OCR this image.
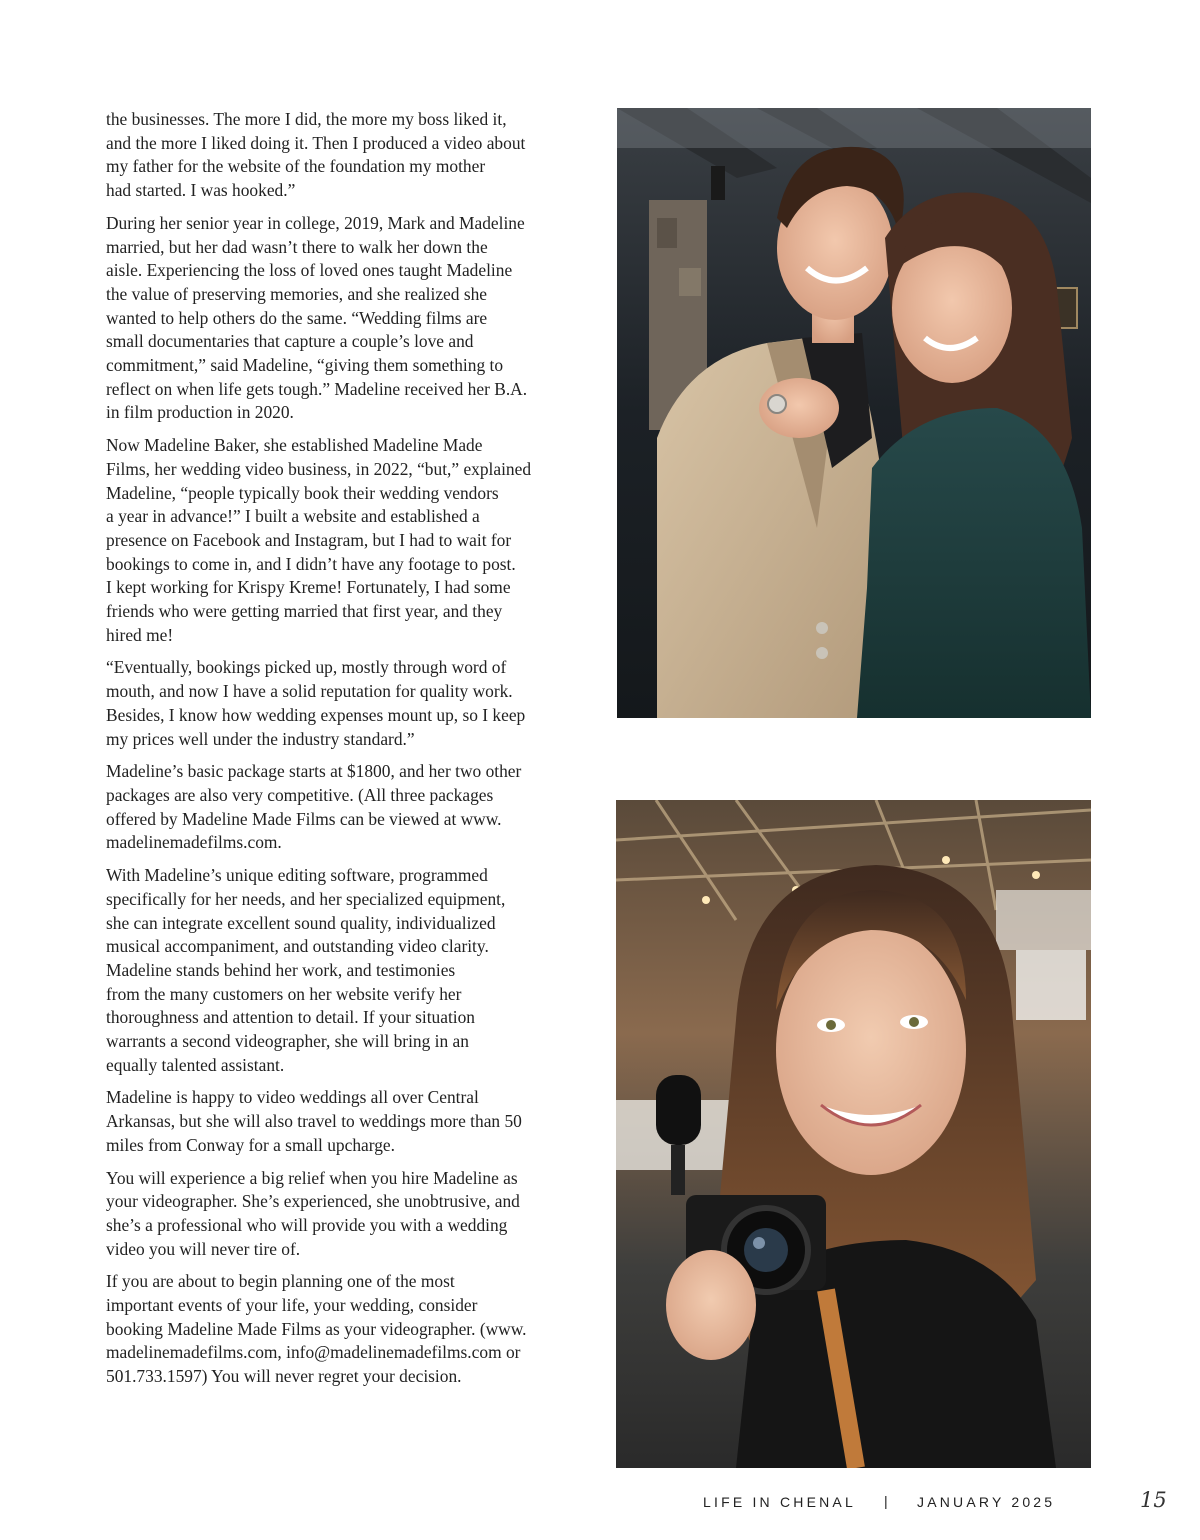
the businesses. The more I did, the more my boss liked it,
and the more I liked doing it. Then I produced a video about
my father for the website of the foundation my mother
had started. I was hooked.”

During her senior year in college, 2019, Mark and Madeline
married, but her dad wasn’t there to walk her down the
aisle. Experiencing the loss of loved ones taught Madeline
the value of preserving memories, and she realized she
wanted to help others do the same. “Wedding films are
small documentaries that capture a couple’s love and
commitment,” said Madeline, “giving them something to
reflect on when life gets tough.” Madeline received her B.A.
in film production in 2020.

Now Madeline Baker, she established Madeline Made
Films, her wedding video business, in 2022, “but,” explained
Madeline, “people typically book their wedding vendors
a year in advance!” I built a website and established a
presence on Facebook and Instagram, but I had to wait for
bookings to come in, and I didn’t have any footage to post.
I kept working for Krispy Kreme! Fortunately, I had some
friends who were getting married that first year, and they
hired me!

“Eventually, bookings picked up, mostly through word of
mouth, and now I have a solid reputation for quality work.
Besides, I know how wedding expenses mount up, so I keep
my prices well under the industry standard.”

Madeline’s basic package starts at $1800, and her two other
packages are also very competitive. (All three packages
offered by Madeline Made Films can be viewed at www.
madelinemadefilms.com.

With Madeline’s unique editing software, programmed
specifically for her needs, and her specialized equipment,
she can integrate excellent sound quality, individualized
musical accompaniment, and outstanding video clarity.
Madeline stands behind her work, and testimonies
from the many customers on her website verify her
thoroughness and attention to detail. If your situation
warrants a second videographer, she will bring in an
equally talented assistant.

Madeline is happy to video weddings all over Central
Arkansas, but she will also travel to weddings more than 50
miles from Conway for a small upcharge.

You will experience a big relief when you hire Madeline as
your videographer. She’s experienced, she unobtrusive, and
she’s a professional who will provide you with a wedding
video you will never tire of.

If you are about to begin planning one of the most
important events of your life, your wedding, consider
booking Madeline Made Films as your videographer. (www.
madelinemadefilms.com, info@madelinemadefilms.com or
501.733.1597) You will never regret your decision.

LIFE IN CHENAL | JANUARY 2025	15
